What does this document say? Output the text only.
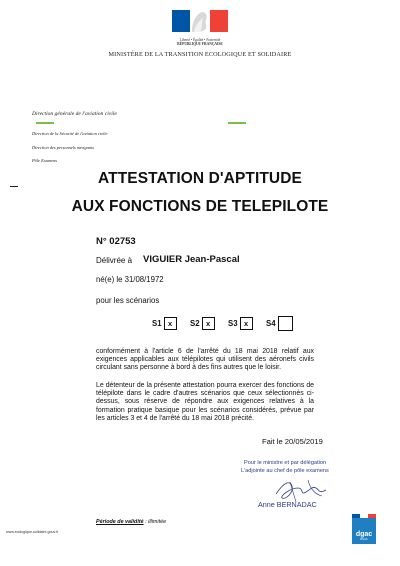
Liberté • Égalité • Fraternité
RÉPUBLIQUE FRANÇAISE
MINISTÈRE DE LA TRANSITION ECOLOGIQUE ET SOLIDAIRE
Direction générale de l'aviation civile
Direction de la Sécurité de l'aviation civile
Direction des personnels navigants
Pôle Examens
ATTESTATION D'APTITUDE
AUX FONCTIONS DE TELEPILOTE
N° 02753
Délivrée à VIGUIER Jean-Pascal
né(e) le 31/08/1972
pour les scénarios
S1 x	S2 x	S3 x	S4
conformément à l'article 6 de l'arrêté du 18 mai 2018 relatif aux exigences applicables aux télépilotes qui utilisent des aéronefs civils circulant sans personne à bord à des fins autres que le loisir.
Le détenteur de la présente attestation pourra exercer des fonctions de télépilote dans le cadre d'autres scénarios que ceux sélectionnés ci-dessus, sous réserve de répondre aux exigences relatives à la formation pratique basique pour les scénarios considérés, prévue par les articles 3 et 4 de l'arrêté du 18 mai 2018 précité.
Fait le 20/05/2019
Pour le ministre et par délégation
L'adjointe au chef de pôle examens
Anne BERNADAC
Période de validité : illimitée
www.ecologique-solidaire.gouv.fr	dgac
DGAC
